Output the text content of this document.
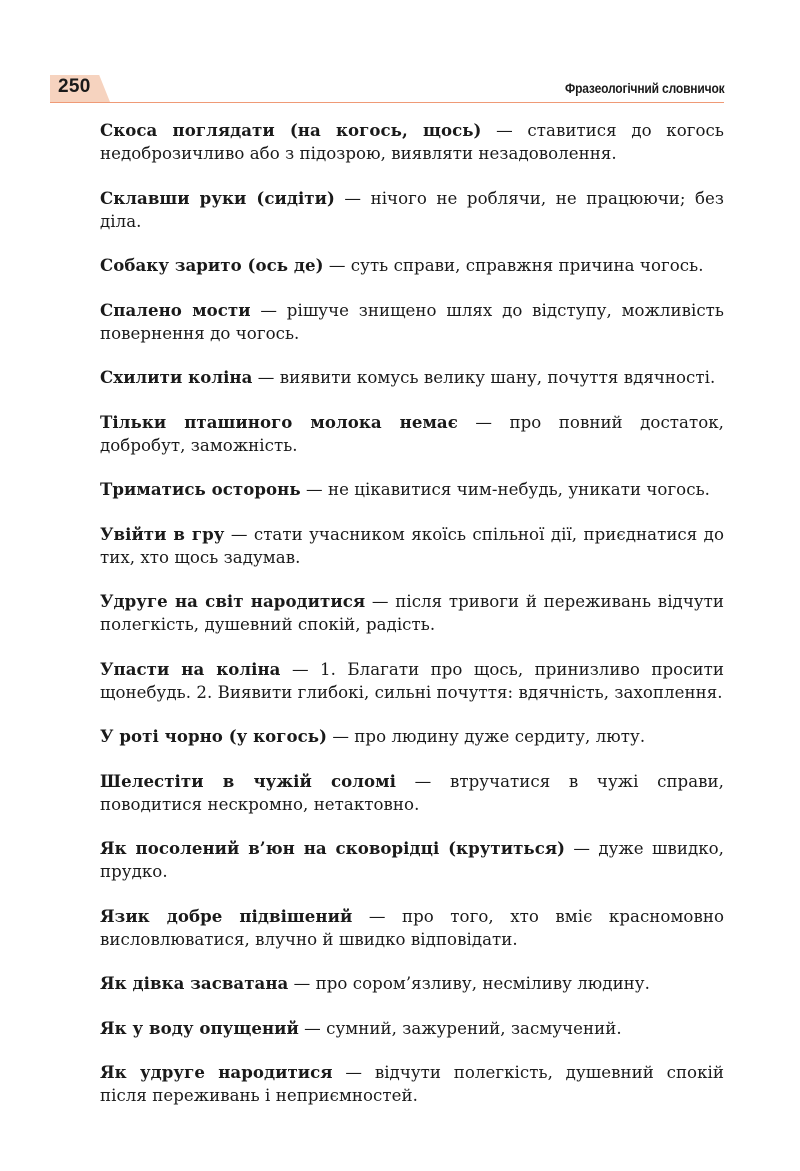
250	Фразеологічний словничок

Скоса поглядати (на когось, щось) — ставитися до когось недоброзичливо або з підозрою, виявляти незадоволення.

Склавши руки (сидіти) — нічого не роблячи, не працюючи; без діла.

Собаку зарито (ось де) — суть справи, справжня причина чогось.

Спалено мости — рішуче знищено шлях до відступу, можливість повернення до чогось.

Схилити коліна — виявити комусь велику шану, почуття вдячності.

Тільки пташиного молока немає — про повний достаток, добробут, заможність.

Триматись осторонь — не цікавитися чим-небудь, уникати чогось.

Увійти в гру — стати учасником якоїсь спільної дії, приєднатися до тих, хто щось задумав.

Удруге на світ народитися — після тривоги й переживань відчути полегкість, душевний спокій, радість.

Упасти на коліна — 1. Благати про щось, принизливо просити щонебудь. 2. Виявити глибокі, сильні почуття: вдячність, захоплення.

У роті чорно (у когось) — про людину дуже сердиту, люту.

Шелестіти в чужій соломі — втручатися в чужі справи, поводитися нескромно, нетактовно.

Як посолений в’юн на сковорідці (крутиться) — дуже швидко, прудко.

Язик добре підвішений — про того, хто вміє красномовно висловлюватися, влучно й швидко відповідати.

Як дівка засватана — про сором’язливу, несміливу людину.

Як у воду опущений — сумний, зажурений, засмучений.

Як удруге народитися — відчути полегкість, душевний спокій після переживань і неприємностей.
